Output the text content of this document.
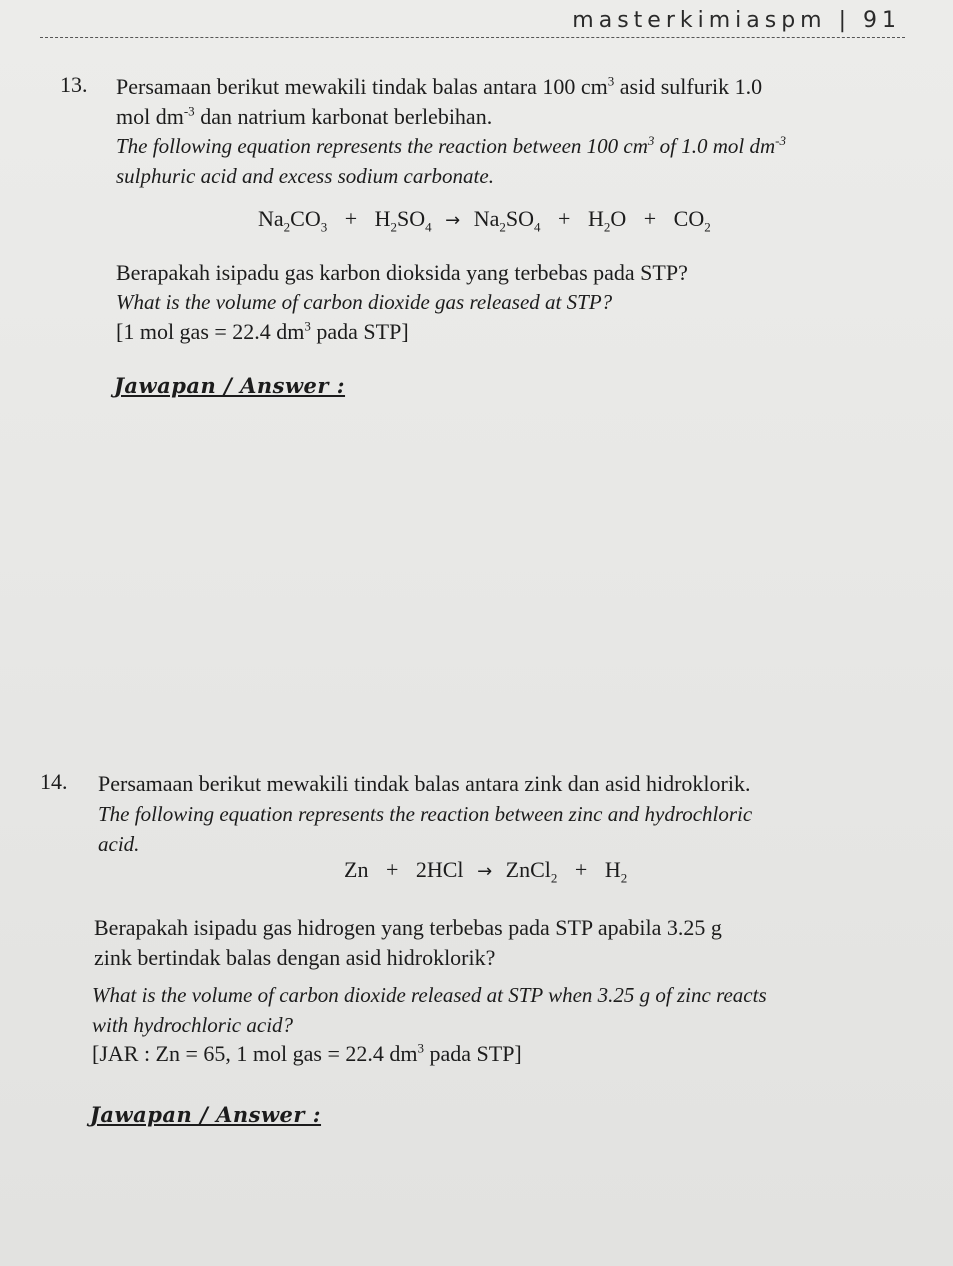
masterkimiaspm | 91
13. Persamaan berikut mewakili tindak balas antara 100 $cm^3$ asid sulfurik 1.0
mol $dm^{-3}$ dan natrium karbonat berlebihan.
The following equation represents the reaction between 100 $cm^3$ of 1.0 mol $dm^{-3}$
sulphuric acid and excess sodium carbonate.
$Na_2CO_3 + H_2SO_4 \to Na_2SO_4 + H_2O + CO_2$
Berapakah isipadu gas karbon dioksida yang terbebas pada STP?
What is the volume of carbon dioxide gas released at STP?
[1 mol gas = 22.4 $dm^3$ pada STP]
Jawapan / Answer :
14. Persamaan berikut mewakili tindak balas antara zink dan asid hidroklorik.
The following equation represents the reaction between zinc and hydrochloric
acid.
Zn + 2HCl → ZnCl$_2$ + $H_2$
Berapakah isipadu gas hidrogen yang terbebas pada STP apabila 3.25 g
zink bertindak balas dengan asid hidroklorik?
What is the volume of carbon dioxide released at STP when 3.25 g of zinc reacts
with hydrochloric acid?
[JAR : Zn = 65, 1 mol gas = 22.4 $dm^3$ pada STP]
Jawapan / Answer :
